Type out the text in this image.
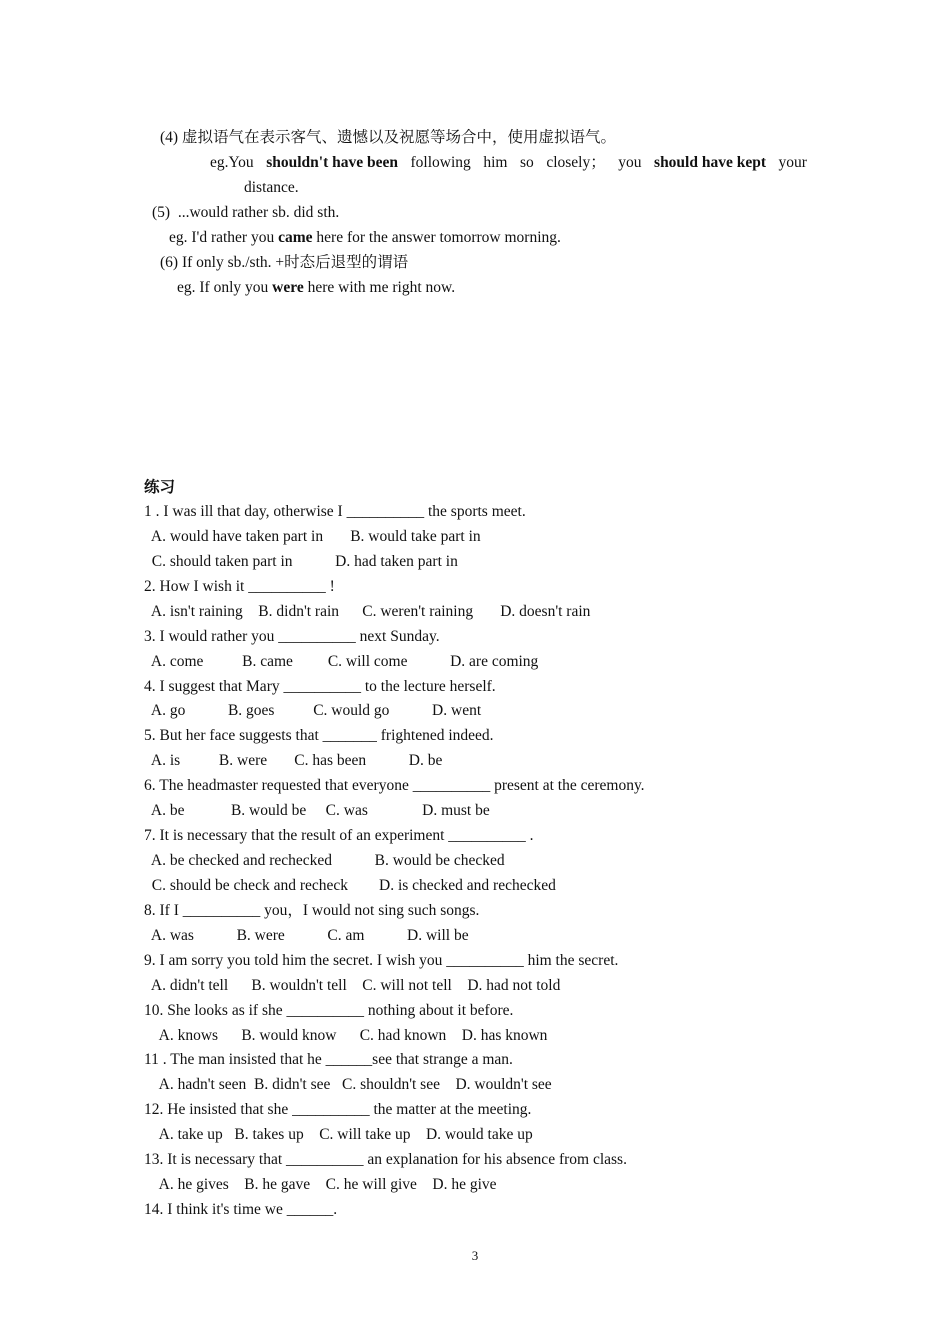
(4) 虚拟语气在表示客气、遗憾以及祝愿等场合中，使用虚拟语气。
eg.You shouldn't have been following him so closely； you should have kept your
distance.
(5)  ...would rather sb. did sth.
eg. I'd rather you came here for the answer tomorrow morning.
(6) If only sb./sth. +时态后退型的谓语
eg. If only you were here with me right now.
练习
1 . I was ill that day, otherwise I __________ the sports meet.
A. would have taken part in       B. would take part in
C. should taken part in           D. had taken part in
2. How I wish it __________ !
A. isn't raining    B. didn't rain      C. weren't raining       D. doesn't rain
3. I would rather you __________ next Sunday.
A. come          B. came         C. will come           D. are coming
4. I suggest that Mary __________ to the lecture herself.
A. go           B. goes          C. would go           D. went
5. But her face suggests that _______ frightened indeed.
A. is          B. were       C. has been           D. be
6. The headmaster requested that everyone __________ present at the ceremony.
A. be            B. would be     C. was              D. must be
7. It is necessary that the result of an experiment __________ .
A. be checked and rechecked           B. would be checked
C. should be check and recheck        D. is checked and rechecked
8. If I __________ you，I would not sing such songs.
A. was           B. were           C. am           D. will be
9. I am sorry you told him the secret. I wish you __________ him the secret.
A. didn't tell      B. wouldn't tell    C. will not tell    D. had not told
10. She looks as if she __________ nothing about it before.
A. knows      B. would know      C. had known    D. has known
11 . The man insisted that he ______see that strange a man.
A. hadn't seen  B. didn't see   C. shouldn't see    D. wouldn't see
12. He insisted that she __________ the matter at the meeting.
A. take up   B. takes up    C. will take up    D. would take up
13. It is necessary that __________ an explanation for his absence from class.
A. he gives    B. he gave    C. he will give    D. he give
14. I think it's time we ______.
3
